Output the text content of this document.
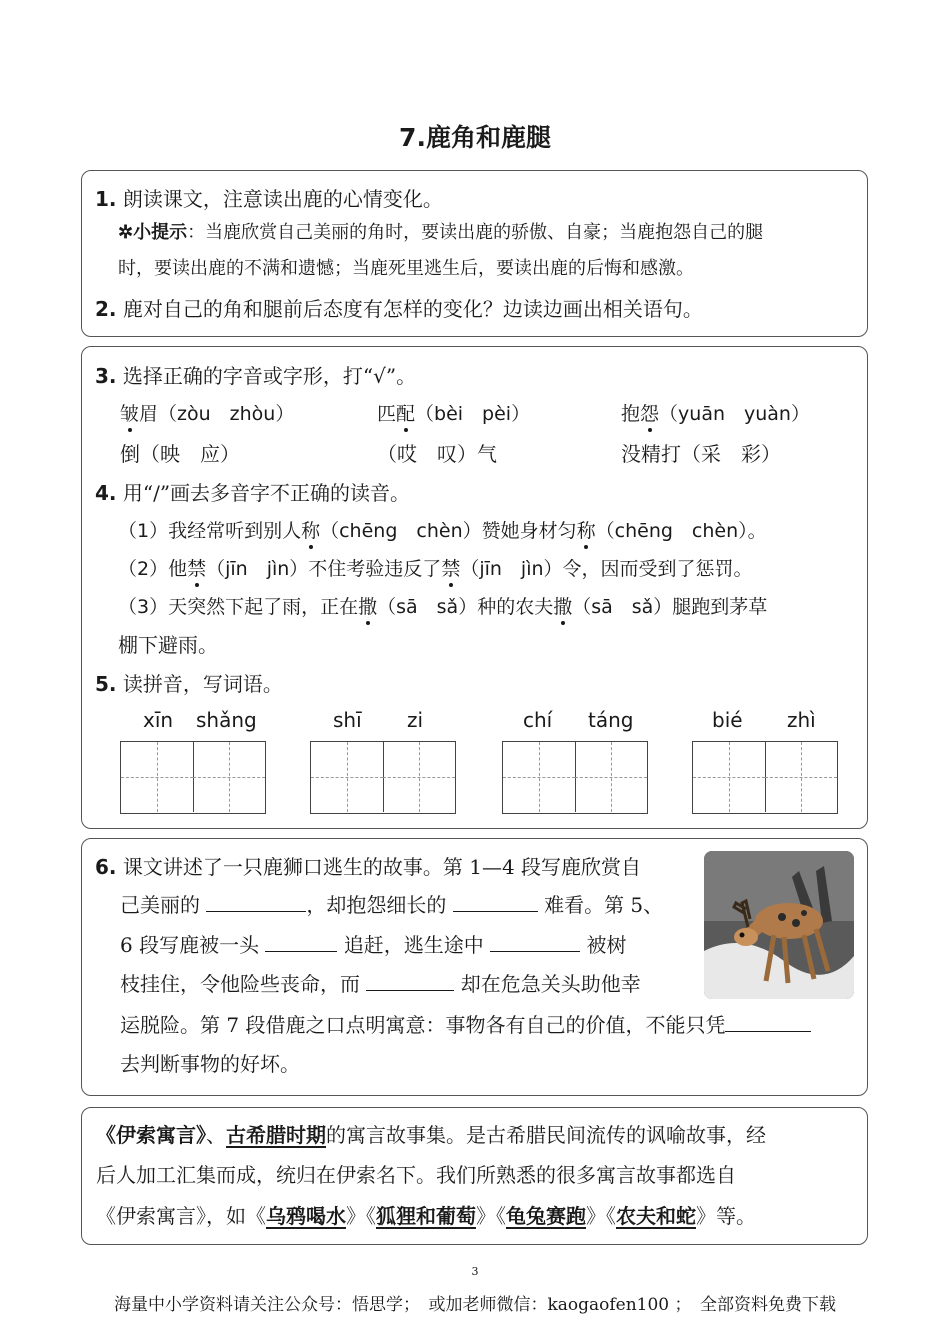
7.鹿角和鹿腿
1. 朗读课文，注意读出鹿的心情变化。
✲小提示：当鹿欣赏自己美丽的角时，要读出鹿的骄傲、自豪；当鹿抱怨自己的腿
时，要读出鹿的不满和遗憾；当鹿死里逃生后，要读出鹿的后悔和感激。
2. 鹿对自己的角和腿前后态度有怎样的变化？边读边画出相关语句。
3. 选择正确的字音或字形，打“√”。
皱眉（zòu　zhòu）	匹配（bèi　pèi）	抱怨（yuān　yuàn）
倒（映　应）	（哎　叹）气	没精打（采　彩）
4. 用“/”画去多音字不正确的读音。
（1）我经常听到别人称（chēng　chèn）赞她身材匀称（chēng　chèn）。
（2）他禁（jīn　jìn）不住考验违反了禁（jīn　jìn）令，因而受到了惩罚。
（3）天突然下起了雨，正在撒（sā　sǎ）种的农夫撒（sā　sǎ）腿跑到茅草
棚下避雨。
5. 读拼音，写词语。
xīn shǎng	shī zi	chí táng	bié zhì
6. 课文讲述了一只鹿狮口逃生的故事。第 1—4 段写鹿欣赏自
己美丽的	，却抱怨细长的	难看。第 5、
6 段写鹿被一头	追赶，逃生途中	被树
枝挂住，令他险些丧命，而	却在危急关头助他幸
运脱险。第 7 段借鹿之口点明寓意：事物各有自己的价值，不能只凭
去判断事物的好坏。
《伊索寓言》、古希腊时期的寓言故事集。是古希腊民间流传的讽喻故事，经
后人加工汇集而成，统归在伊索名下。我们所熟悉的很多寓言故事都选自
《伊索寓言》，如《乌鸦喝水》《狐狸和葡萄》《龟兔赛跑》《农夫和蛇》等。
3
海量中小学资料请关注公众号：悟思学；　或加老师微信：kaogaofen100 ；　全部资料免费下载
